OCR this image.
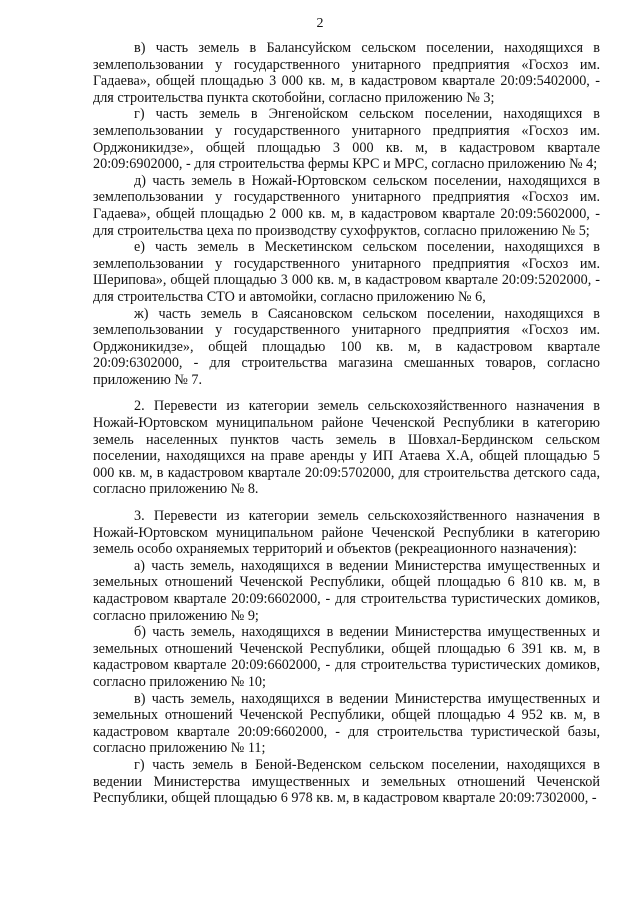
2

в) часть земель в Балансуйском сельском поселении, находящихся в землепользовании у государственного унитарного предприятия «Госхоз им. Гадаева», общей площадью 3 000 кв. м, в кадастровом квартале 20:09:5402000, - для строительства пункта скотобойни, согласно приложению № 3;

г) часть земель в Энгенойском сельском поселении, находящихся в землепользовании у государственного унитарного предприятия «Госхоз им. Орджоникидзе», общей площадью 3 000 кв. м, в кадастровом квартале 20:09:6902000, - для строительства фермы КРС и МРС, согласно приложению № 4;

д) часть земель в Ножай-Юртовском сельском поселении, находящихся в землепользовании у государственного унитарного предприятия «Госхоз им. Гадаева», общей площадью 2 000 кв. м, в кадастровом квартале 20:09:5602000, - для строительства цеха по производству сухофруктов, согласно приложению № 5;

е) часть земель в Мескетинском сельском поселении, находящихся в землепользовании у государственного унитарного предприятия «Госхоз им. Шерипова», общей площадью 3 000 кв. м, в кадастровом квартале 20:09:5202000, - для строительства СТО и автомойки, согласно приложению № 6,

ж) часть земель в Саясановском сельском поселении, находящихся в землепользовании у государственного унитарного предприятия «Госхоз им. Орджоникидзе», общей площадью 100 кв. м, в кадастровом квартале 20:09:6302000, - для строительства магазина смешанных товаров, согласно приложению № 7.

2. Перевести из категории земель сельскохозяйственного назначения в Ножай-Юртовском муниципальном районе Чеченской Республики в категорию земель населенных пунктов часть земель в Шовхал-Бердинском сельском поселении, находящихся на праве аренды у ИП Атаева Х.А, общей площадью 5 000 кв. м, в кадастровом квартале 20:09:5702000, для строительства детского сада, согласно приложению № 8.

3. Перевести из категории земель сельскохозяйственного назначения в Ножай-Юртовском муниципальном районе Чеченской Республики в категорию земель особо охраняемых территорий и объектов (рекреационного назначения):

а) часть земель, находящихся в ведении Министерства имущественных и земельных отношений Чеченской Республики, общей площадью 6 810 кв. м, в кадастровом квартале 20:09:6602000, - для строительства туристических домиков, согласно приложению № 9;

б) часть земель, находящихся в ведении Министерства имущественных и земельных отношений Чеченской Республики, общей площадью 6 391 кв. м, в кадастровом квартале 20:09:6602000, - для строительства туристических домиков, согласно приложению № 10;

в) часть земель, находящихся в ведении Министерства имущественных и земельных отношений Чеченской Республики, общей площадью 4 952 кв. м, в кадастровом квартале 20:09:6602000, - для строительства туристической базы, согласно приложению № 11;

г) часть земель в Беной-Веденском сельском поселении, находящихся в ведении Министерства имущественных и земельных отношений Чеченской Республики, общей площадью 6 978 кв. м, в кадастровом квартале 20:09:7302000, -
